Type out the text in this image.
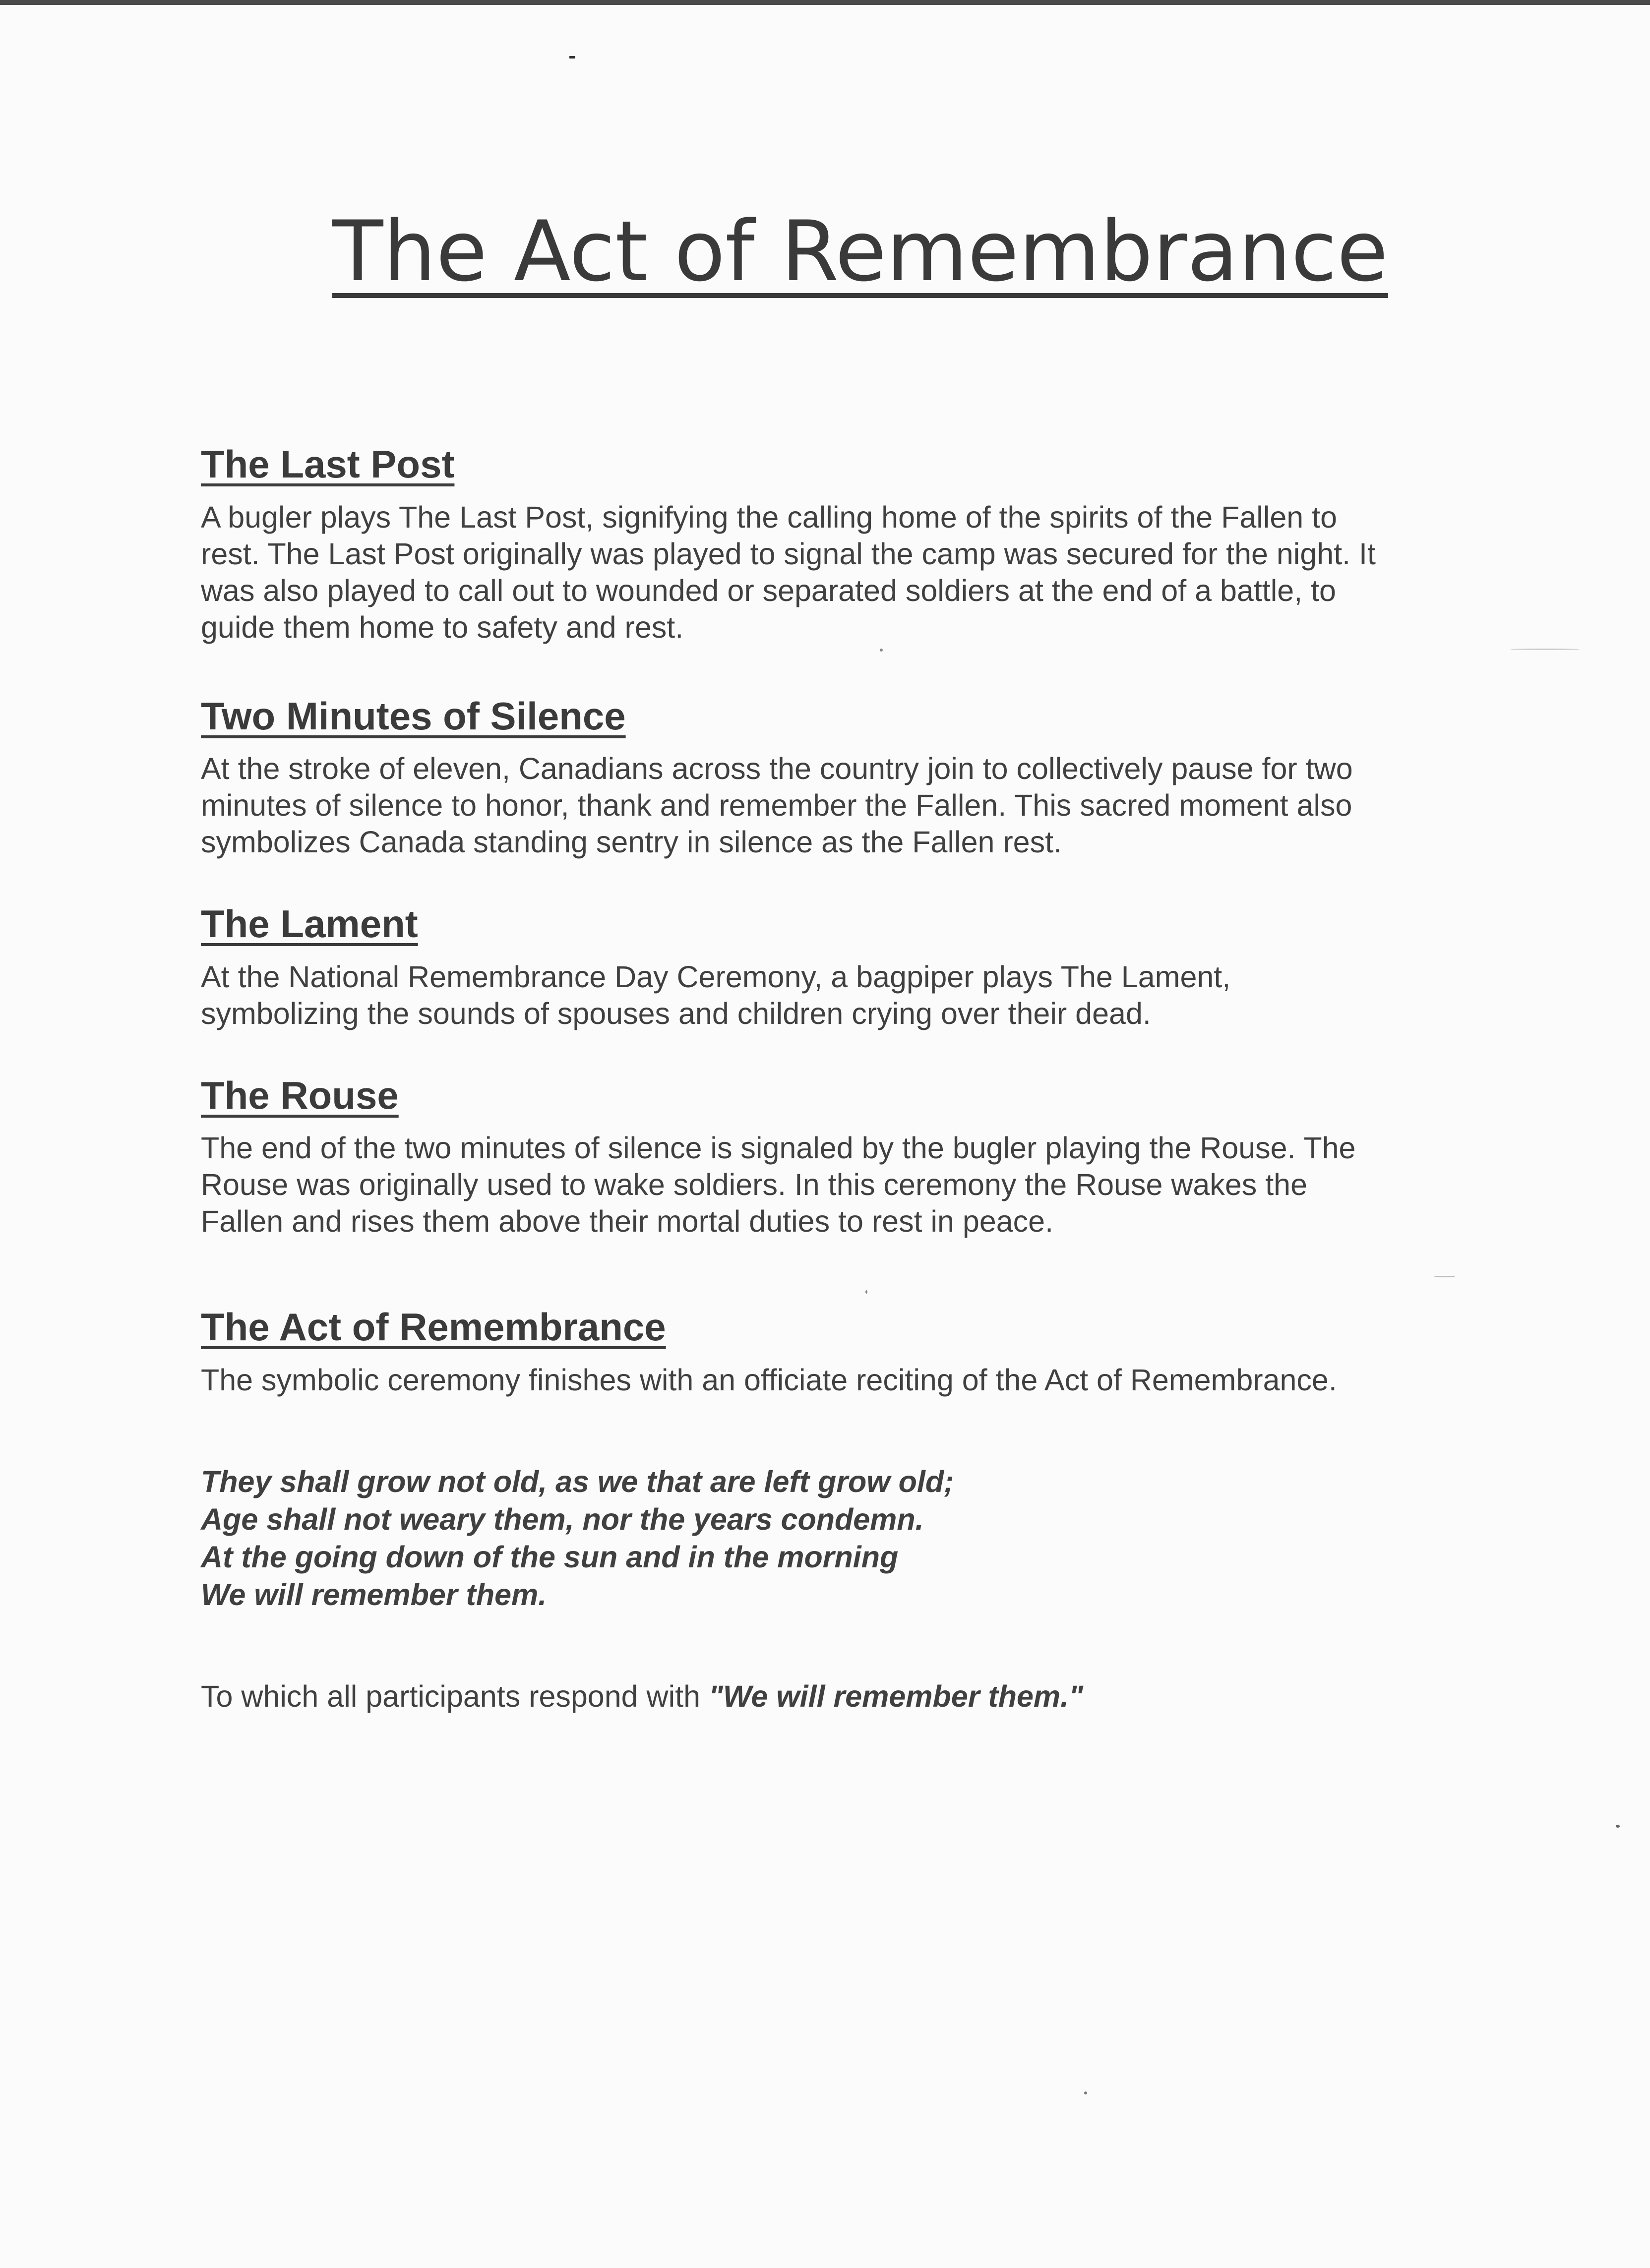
The Act of Remembrance
The Last Post

A bugler plays The Last Post, signifying the calling home of the spirits of the Fallen to
rest. The Last Post originally was played to signal the camp was secured for the night. It
was also played to call out to wounded or separated soldiers at the end of a battle, to
guide them home to safety and rest.

Two Minutes of Silence

At the stroke of eleven, Canadians across the country join to collectively pause for two
minutes of silence to honor, thank and remember the Fallen. This sacred moment also
symbolizes Canada standing sentry in silence as the Fallen rest.

The Lament

At the National Remembrance Day Ceremony, a bagpiper plays The Lament,
symbolizing the sounds of spouses and children crying over their dead.

The Rouse

The end of the two minutes of silence is signaled by the bugler playing the Rouse. The
Rouse was originally used to wake soldiers. In this ceremony the Rouse wakes the
Fallen and rises them above their mortal duties to rest in peace.

The Act of Remembrance

The symbolic ceremony finishes with an officiate reciting of the Act of Remembrance.

They shall grow not old, as we that are left grow old;
Age shall not weary them, nor the years condemn.
At the going down of the sun and in the morning
We will remember them.

To which all participants respond with "We will remember them."
